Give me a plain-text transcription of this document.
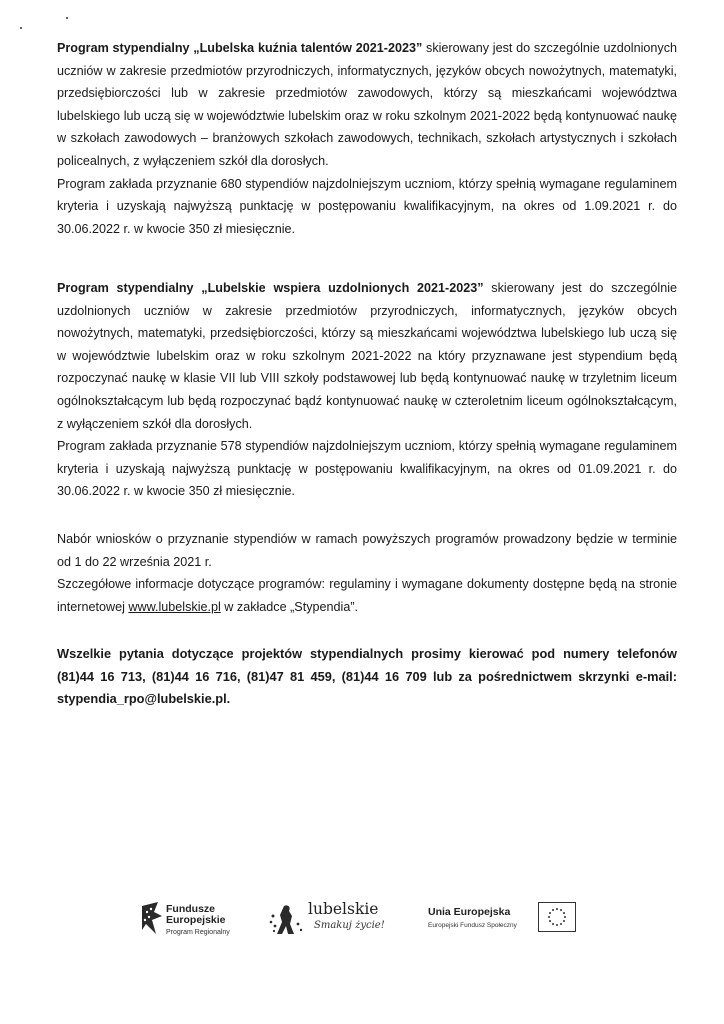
Program stypendialny „Lubelska kuźnia talentów 2021-2023” skierowany jest do szczególnie uzdolnionych uczniów w zakresie przedmiotów przyrodniczych, informatycznych, języków obcych nowożytnych, matematyki, przedsiębiorczości lub w zakresie przedmiotów zawodowych, którzy są mieszkańcami województwa lubelskiego lub uczą się w województwie lubelskim oraz w roku szkolnym 2021-2022 będą kontynuować naukę w szkołach zawodowych – branżowych szkołach zawodowych, technikach, szkołach artystycznych i szkołach policealnych, z wyłączeniem szkół dla dorosłych.
Program zakłada przyznanie 680 stypendiów najzdolniejszym uczniom, którzy spełnią wymagane regulaminem kryteria i uzyskają najwyższą punktację w postępowaniu kwalifikacyjnym, na okres od 1.09.2021 r. do 30.06.2022 r. w kwocie 350 zł miesięcznie.

Program stypendialny „Lubelskie wspiera uzdolnionych 2021-2023” skierowany jest do szczególnie uzdolnionych uczniów w zakresie przedmiotów przyrodniczych, informatycznych, języków obcych nowożytnych, matematyki, przedsiębiorczości, którzy są mieszkańcami województwa lubelskiego lub uczą się w województwie lubelskim oraz w roku szkolnym 2021-2022 na który przyznawane jest stypendium będą rozpoczynać naukę w klasie VII lub VIII szkoły podstawowej lub będą kontynuować naukę w trzyletnim liceum ogólnokształcącym lub będą rozpoczynać bądź kontynuować naukę w czteroletnim liceum ogólnokształcącym, z wyłączeniem szkół dla dorosłych.
Program zakłada przyznanie 578 stypendiów najzdolniejszym uczniom, którzy spełnią wymagane regulaminem kryteria i uzyskają najwyższą punktację w postępowaniu kwalifikacyjnym, na okres od 01.09.2021 r. do 30.06.2022 r. w kwocie 350 zł miesięcznie.

Nabór wniosków o przyznanie stypendiów w ramach powyższych programów prowadzony będzie w terminie od 1 do 22 września 2021 r.
Szczegółowe informacje dotyczące programów: regulaminy i wymagane dokumenty dostępne będą na stronie internetowej www.lubelskie.pl w zakładce „Stypendia”.

Wszelkie pytania dotyczące projektów stypendialnych prosimy kierować pod numery telefonów (81)44 16 713, (81)44 16 716, (81)47 81 459, (81)44 16 709 lub za pośrednictwem skrzynki e-mail: stypendia_rpo@lubelskie.pl.

Fundusze
Europejskie
Program Regionalny
lubelskie
Smakuj życie!
Unia Europejska
Europejski Fundusz Społeczny
